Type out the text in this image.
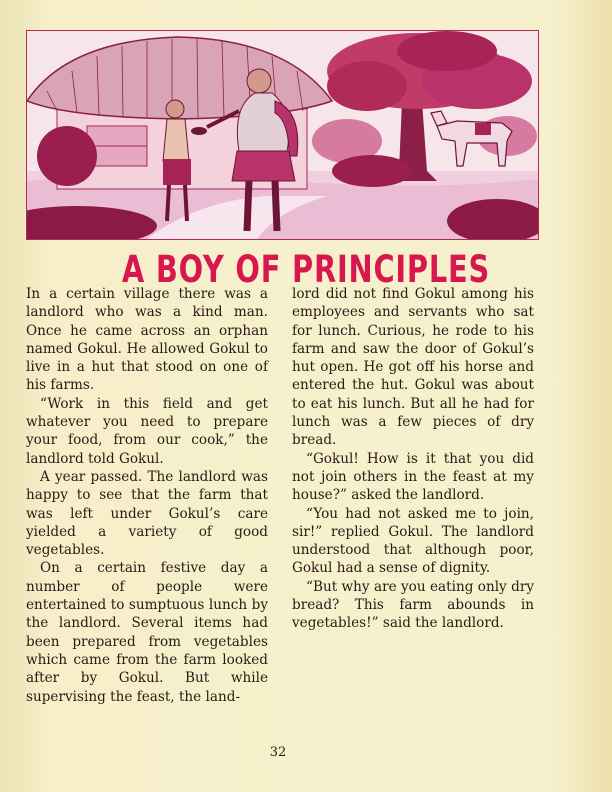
A BOY OF PRINCIPLES

In a certain village there was a landlord who was a kind man. Once he came across an orphan named Gokul. He allowed Gokul to live in a hut that stood on one of his farms.

“Work in this field and get whatever you need to prepare your food, from our cook,” the landlord told Gokul.

A year passed. The landlord was happy to see that the farm that was left under Gokul’s care yielded a variety of good vegetables.

On a certain festive day a number of people were entertained to sumptuous lunch by the landlord. Several items had been prepared from vegetables which came from the farm looked after by Gokul. But while supervising the feast, the land-

lord did not find Gokul among his employees and servants who sat for lunch. Curious, he rode to his farm and saw the door of Gokul’s hut open. He got off his horse and entered the hut. Gokul was about to eat his lunch. But all he had for lunch was a few pieces of dry bread.

“Gokul! How is it that you did not join others in the feast at my house?” asked the landlord.

“You had not asked me to join, sir!” replied Gokul. The landlord understood that although poor, Gokul had a sense of dignity.

“But why are you eating only dry bread? This farm abounds in vegetables!” said the landlord.

32
